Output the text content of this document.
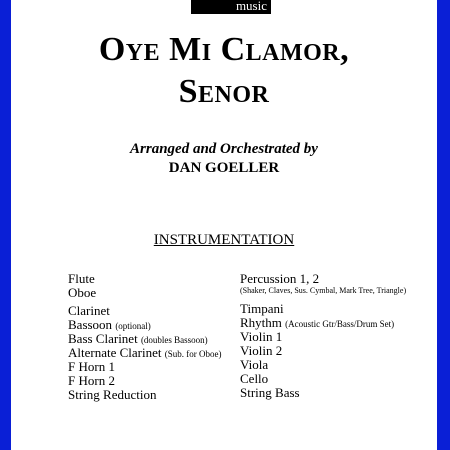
music
Oye Mi Clamor,
Senor
Arranged and Orchestrated by
DAN GOELLER
INSTRUMENTATION
Flute
Oboe
Clarinet
Bassoon (optional)
Bass Clarinet (doubles Bassoon)
Alternate Clarinet (Sub. for Oboe)
F Horn 1
F Horn 2
String Reduction
Percussion 1, 2
(Shaker, Claves, Sus. Cymbal, Mark Tree, Triangle)
Timpani
Rhythm (Acoustic Gtr/Bass/Drum Set)
Violin 1
Violin 2
Viola
Cello
String Bass
